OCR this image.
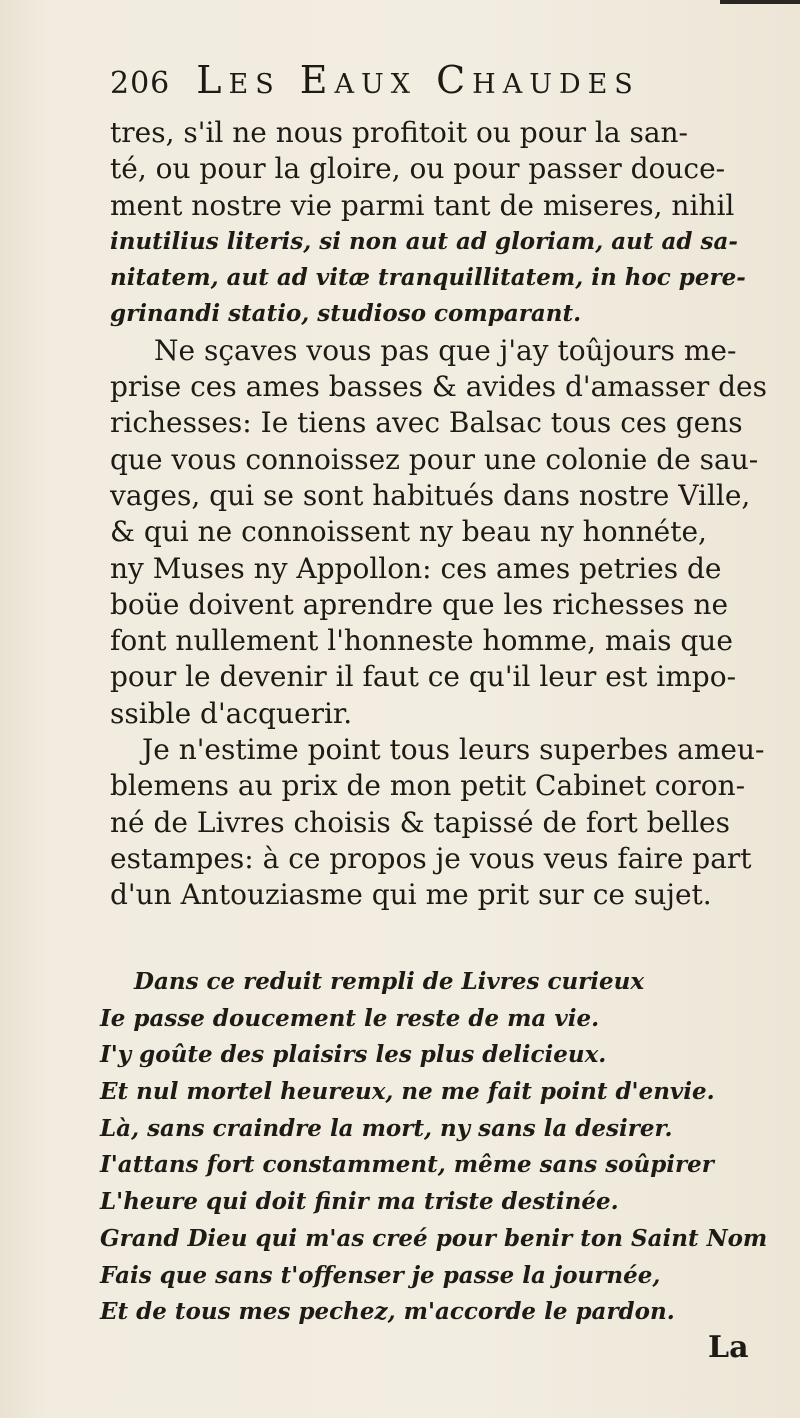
206 Les Eaux Chaudes
tres, s'il ne nous profitoit ou pour la san-
té, ou pour la gloire, ou pour passer douce-
ment nostre vie parmi tant de miseres, nihil
inutilius literis, si non aut ad gloriam, aut ad sa-
nitatem, aut ad vitæ tranquillitatem, in hoc pere-
grinandi statio, studioso comparant.
Ne sçaves vous pas que j'ay toûjours me-
prise ces ames basses & avides d'amasser des
richesses: Ie tiens avec Balsac tous ces gens
que vous connoissez pour une colonie de sau-
vages, qui se sont habitués dans nostre Ville,
& qui ne connoissent ny beau ny honnéte,
ny Muses ny Appollon: ces ames petries de
boüe doivent aprendre que les richesses ne
font nullement l'honneste homme, mais que
pour le devenir il faut ce qu'il leur est impo-
ssible d'acquerir.
Je n'estime point tous leurs superbes ameu-
blemens au prix de mon petit Cabinet coron-
né de Livres choisis & tapissé de fort belles
estampes: à ce propos je vous veus faire part
d'un Antouziasme qui me prit sur ce sujet.
Dans ce reduit rempli de Livres curieux
Ie passe doucement le reste de ma vie.
I'y goûte des plaisirs les plus delicieux.
Et nul mortel heureux, ne me fait point d'envie.
Là, sans craindre la mort, ny sans la desirer.
I'attans fort constamment, même sans soûpirer
L'heure qui doit finir ma triste destinée.
Grand Dieu qui m'as creé pour benir ton Saint Nom
Fais que sans t'offenser je passe la journée,
Et de tous mes pechez, m'accorde le pardon.
La
